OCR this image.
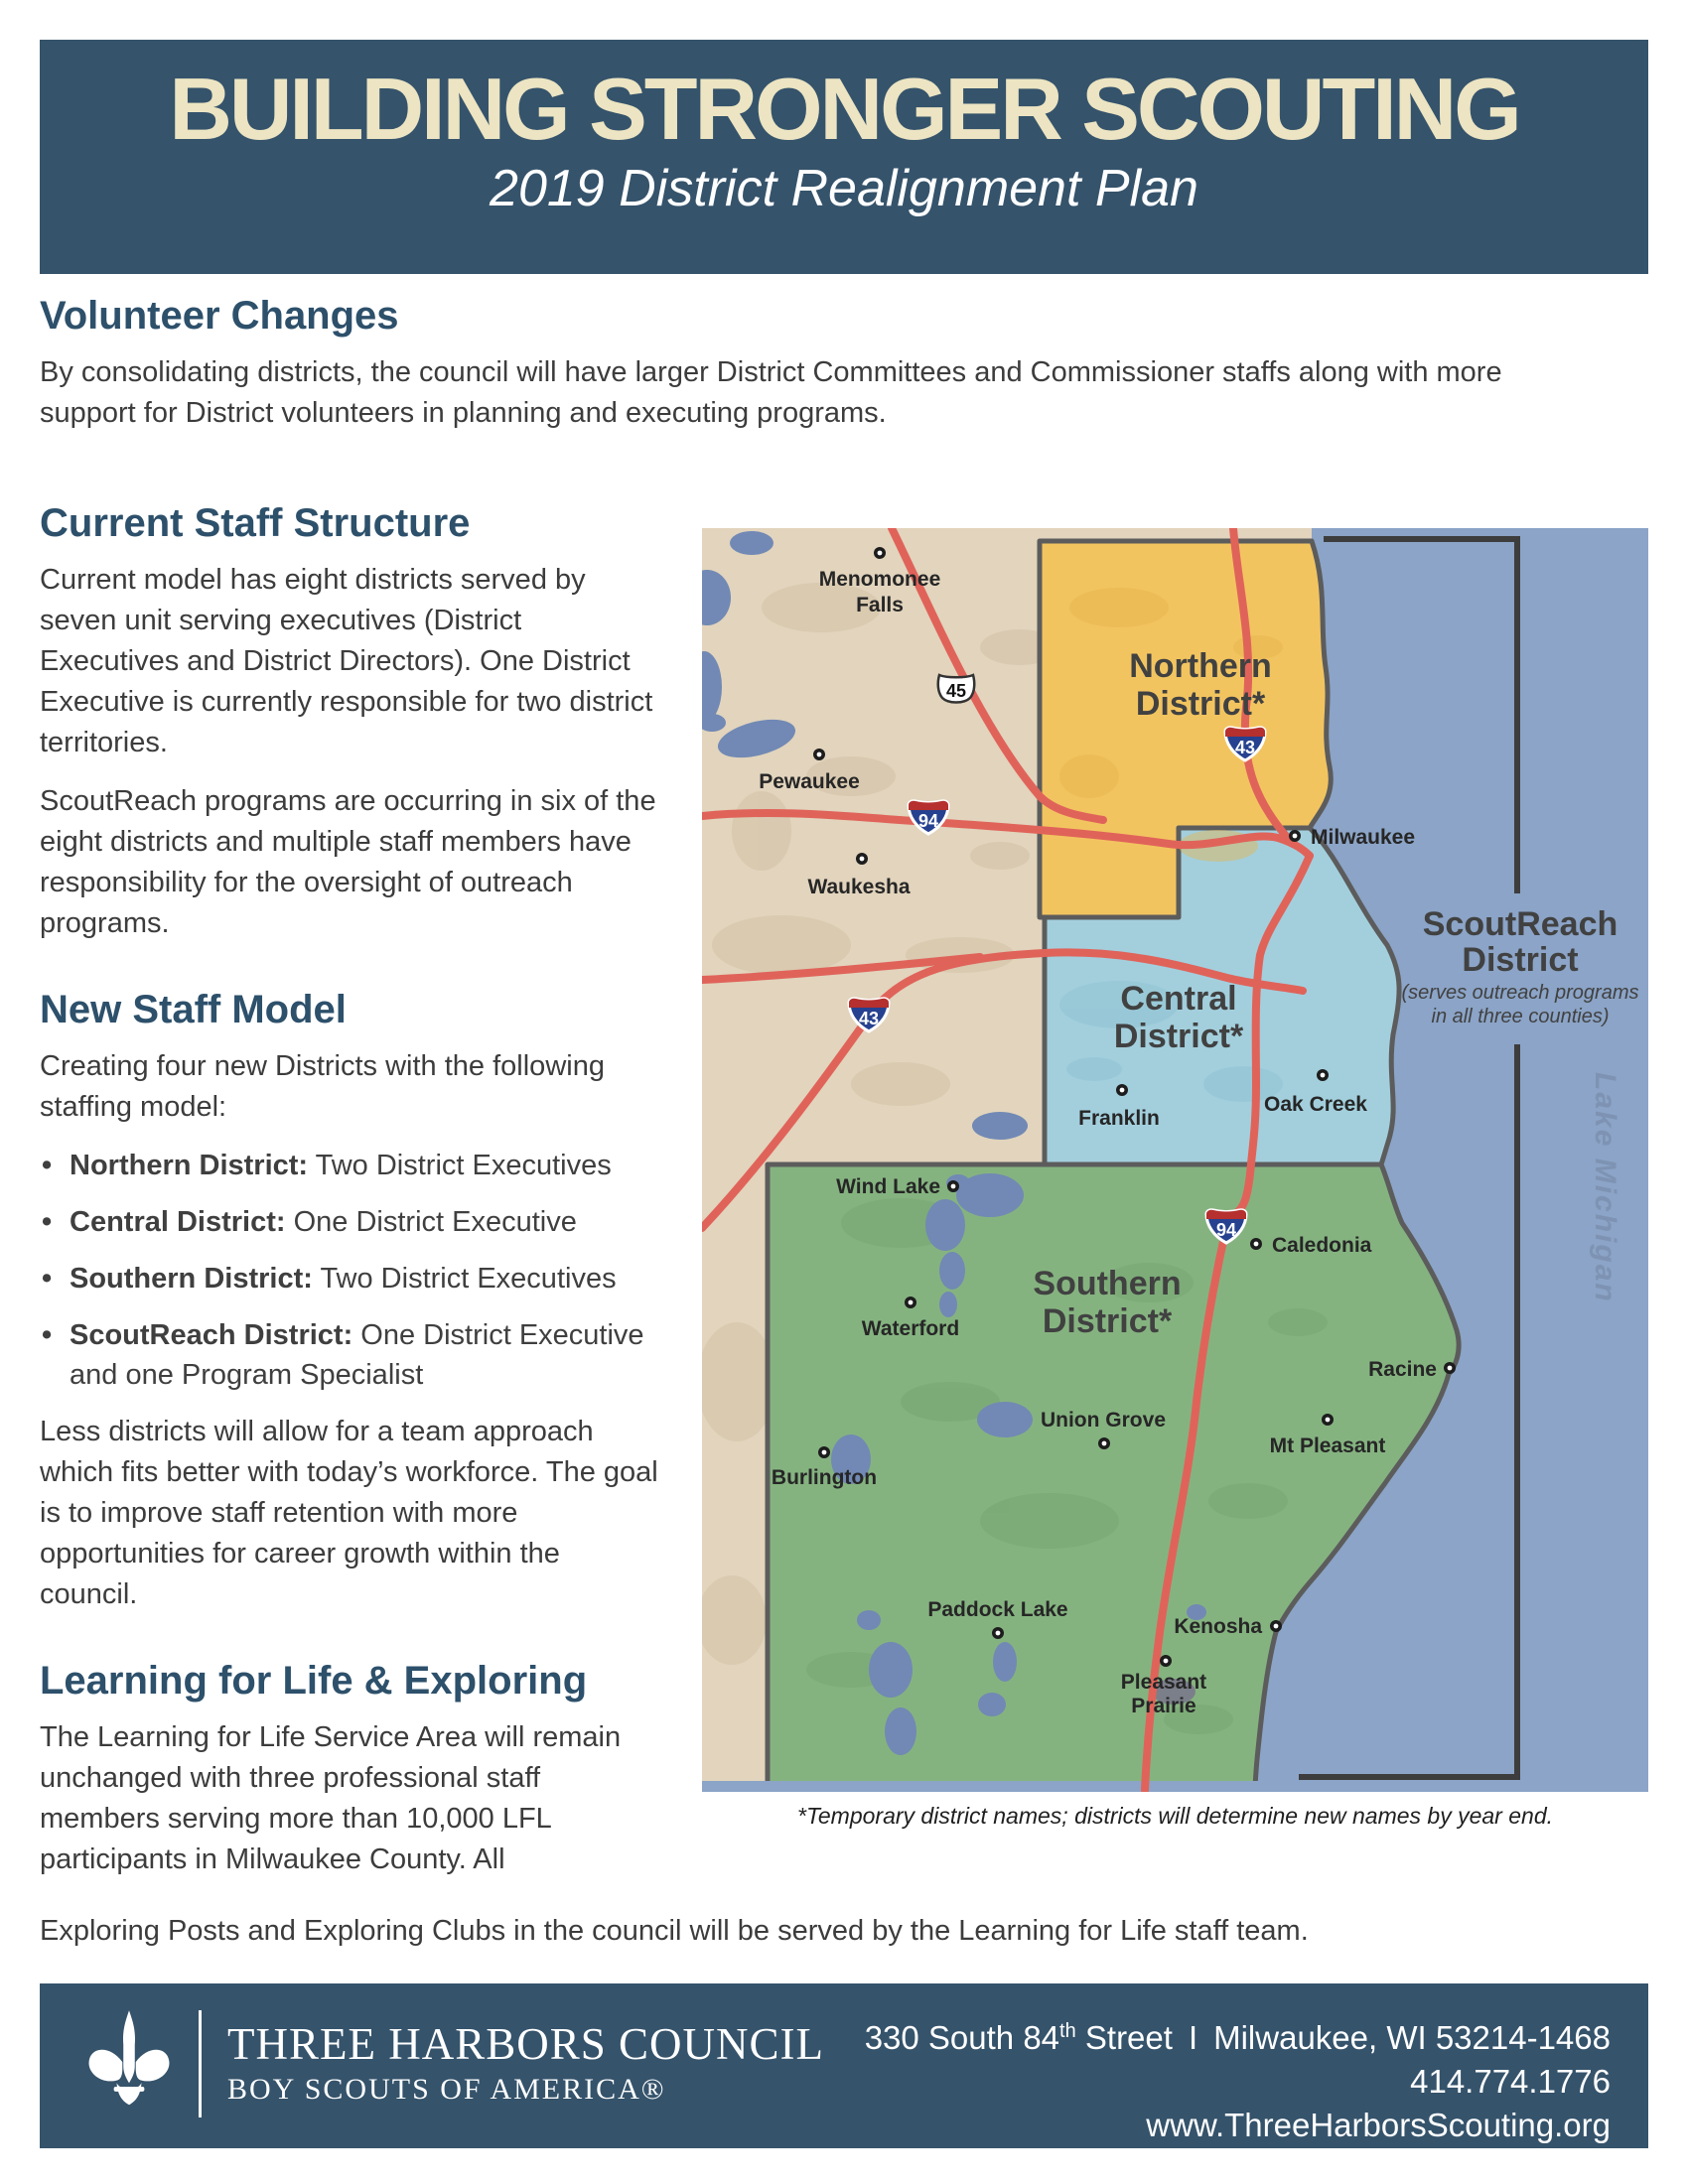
BUILDING STRONGER SCOUTING
2019 District Realignment Plan
Volunteer Changes

By consolidating districts, the council will have larger District Committees and Commissioner staffs along with more support for District volunteers in planning and executing programs.

Current Staff Structure

Current model has eight districts served by seven unit serving executives (District Executives and District Directors). One District Executive is currently responsible for two district territories.

ScoutReach programs are occurring in six of the eight districts and multiple staff members have responsibility for the oversight of outreach programs.

New Staff Model

Creating four new Districts with the following staffing model:

• Northern District: Two District Executives
• Central District: One District Executive
• Southern District: Two District Executives
• ScoutReach District: One District Executive and one Program Specialist

Less districts will allow for a team approach which fits better with today’s workforce. The goal is to improve staff retention with more opportunities for career growth within the council.

Learning for Life & Exploring

The Learning for Life Service Area will remain unchanged with three professional staff members serving more than 10,000 LFL participants in Milwaukee County. All

Exploring Posts and Exploring Clubs in the council will be served by the Learning for Life staff team.

45
94
43
43
94
Northern
District*
Central
District*
Southern
District*
ScoutReach
District
(serves outreach programs
in all three counties)
Lake Michigan
Menomonee
Falls
Pewaukee
Waukesha
Milwaukee
Franklin
Oak Creek
Wind Lake
Caledonia
Waterford
Union Grove
Burlington
Racine
Mt Pleasant
Paddock Lake
Kenosha
Pleasant
Prairie
*Temporary district names; districts will determine new names by year end.
THREE HARBORS COUNCIL
BOY SCOUTS OF AMERICA®
330 South 84th Street I Milwaukee, WI 53214-1468
414.774.1776
www.ThreeHarborsScouting.org
